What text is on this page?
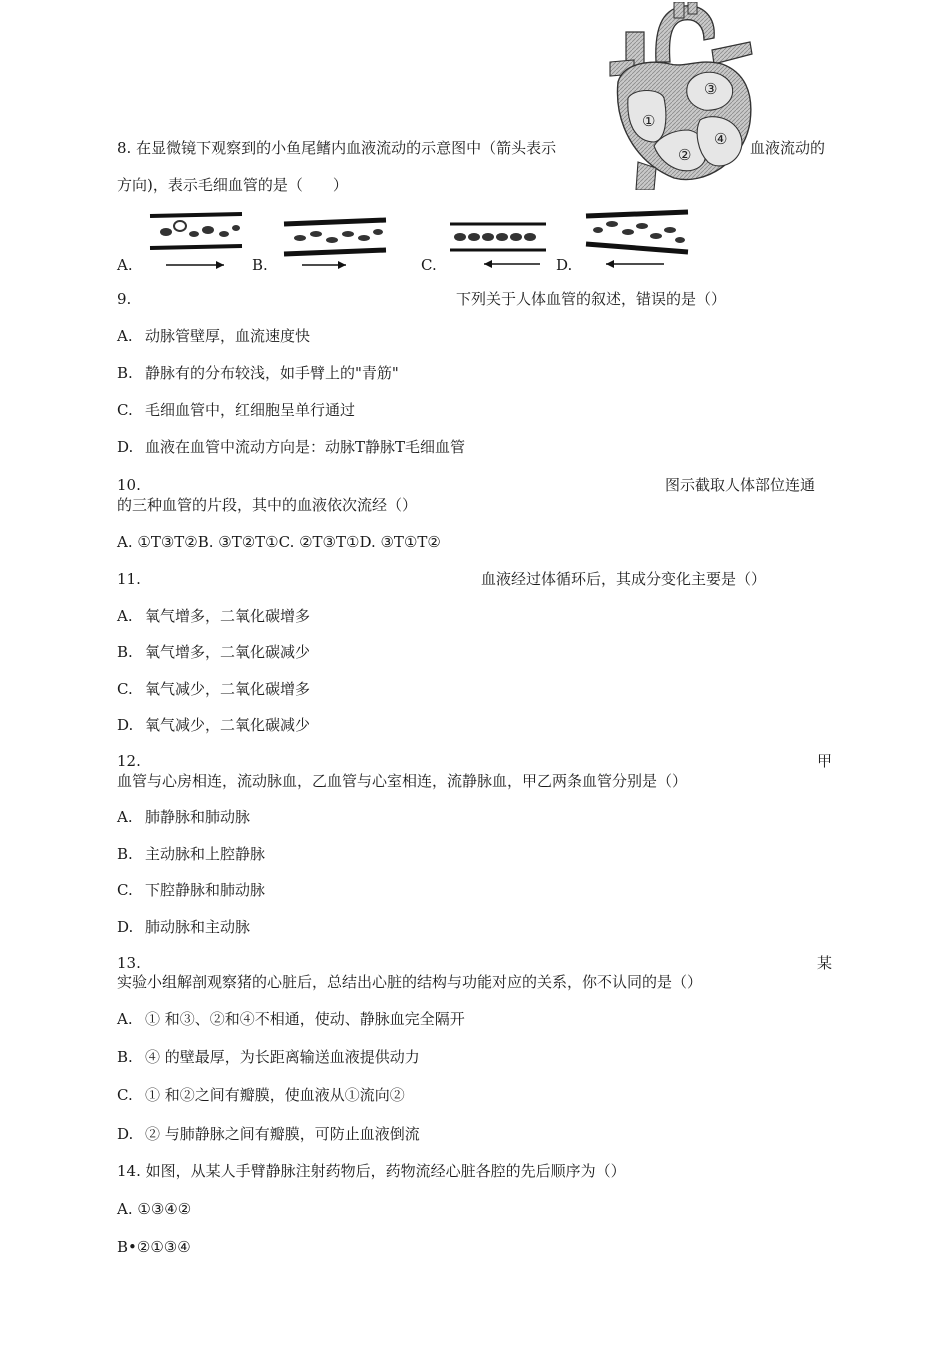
①
②
③
④
8. 在显微镜下观察到的小鱼尾鳍内血液流动的示意图中（箭头表示	血液流动的
方向)，表示毛细血管的是（　　）
A.	B.	C.	D.
9.	下列关于人体血管的叙述，错误的是（）
A. 动脉管壁厚，血流速度快
B. 静脉有的分布较浅，如手臂上的"青筋"
C. 毛细血管中，红细胞呈单行通过
D. 血液在血管中流动方向是：动脉T静脉T毛细血管
10.	图示截取人体部位连通
的三种血管的片段，其中的血液依次流经（）
A. ①T③T②B. ③T②T①C. ②T③T①D. ③T①T②
11.	血液经过体循环后，其成分变化主要是（）
A. 氧气增多，二氧化碳增多
B. 氧气增多，二氧化碳减少
C. 氧气减少，二氧化碳增多
D. 氧气减少，二氧化碳减少
12.	甲
血管与心房相连，流动脉血，乙血管与心室相连，流静脉血，甲乙两条血管分别是（）
A. 肺静脉和肺动脉
B. 主动脉和上腔静脉
C. 下腔静脉和肺动脉
D. 肺动脉和主动脉
13.	某
实验小组解剖观察猪的心脏后，总结出心脏的结构与功能对应的关系，你不认同的是（）
A. ① 和③、②和④不相通，使动、静脉血完全隔开
B. ④ 的壁最厚，为长距离输送血液提供动力
C. ① 和②之间有瓣膜，使血液从①流向②
D. ② 与肺静脉之间有瓣膜，可防止血液倒流
14. 如图，从某人手臂静脉注射药物后，药物流经心脏各腔的先后顺序为（）
A. ①③④②
B•②①③④
